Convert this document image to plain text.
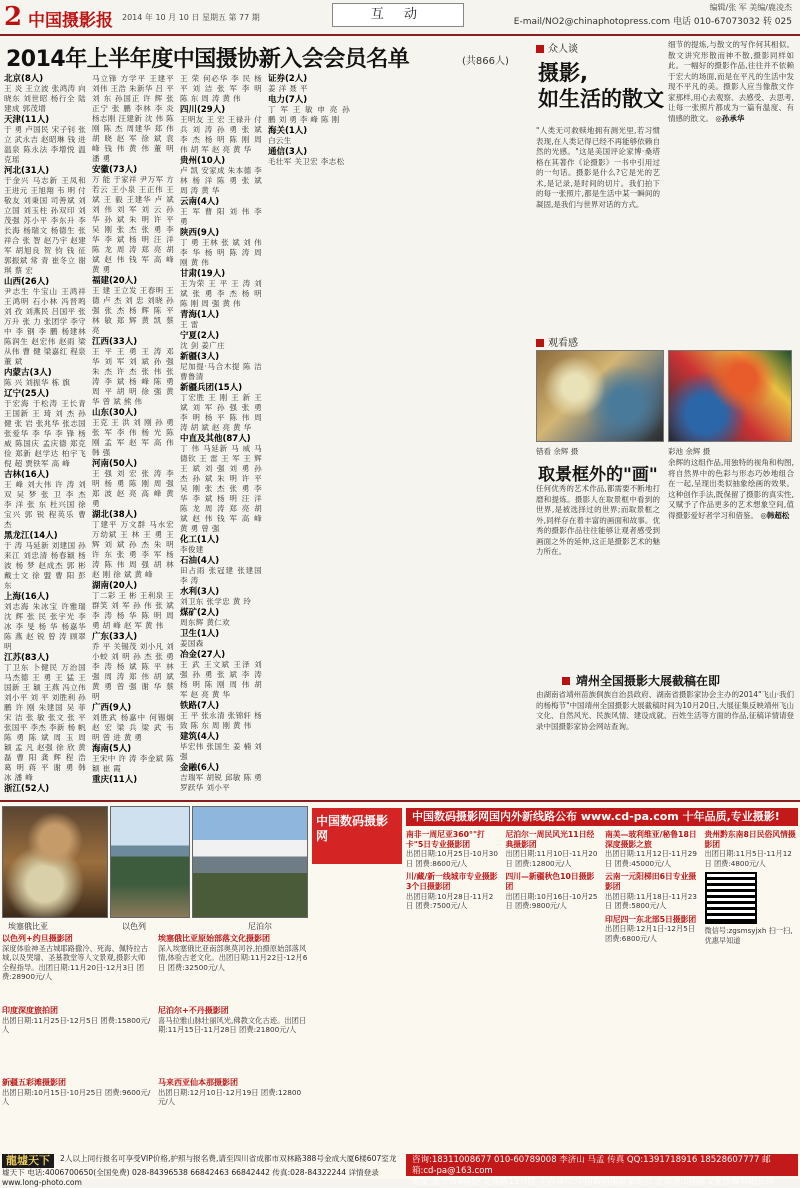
2 中国摄影报 2014 年 10 月 10 日 星期五 第 77 期	互 动	编辑/张 军 美编/鹿凌杰
E-mail/NO2@chinaphotopress.com 电话 010-67073032 转 025
2014年上半年度中国摄协新入会会员名单	(共866人)
北京(8人)
王 炎 王立波 张鸿涛 向晓东 刘世昭 杨行全 陆建成 郭茂增
天津(11人)
于 勇 卢国民 宋子钊 张 立 武永吉 赵昭琳 钱 进 温泉 陈永法 李增悦 温克瑶
河北(31人)
于金兴 马志新 王凤和 王进元 王旭翔 韦 明 付敬友 刘秉国 司善斌 刘立国 刘玉柱 孙双印 刘茂强 苏小平 李东升 李长海 杨瑞文 杨德生 张祥合 张 智 赵乃宇 赵建军 胡旭良 贺 钧 钱 征 郭振斌 常 青 崔冬立 谢 琪 蔡 宏
山西(26人)
尹志生 牛宝山 王鸿祥 王鸿明 石小林 冯晋鸣 刘 孜 刘燕民 吕国平 张万升 张 力 张团学 李守中 李 钢 李 鹏 杨建林 陈润生 赵宏伟 赵雨 梁从伟 曹 健 梁嘉红 程泉 董 斌
内蒙古(3人)
陈 兴 刘振华 栋 旗
辽宁(25人)
于宏海 于松涛 王长青 王国新 王 琦 刘 杰 孙 健 张 岩 张兆华 张志国 张爱华 李 华 李 锋 杨 威 陈国庆 孟庆德 郑克俭 郑新 赵学达 柏宇飞 倪 超 贾铁军 高 峰
吉林(16人)
王 峰 刘大伟 许 涛 刘 双 吴 梦 张 卫 李 杰 李 洋 张 东 杜兴国 徐宝兴 郭 锐 程英乐 曹 杰
黑龙江(14人)
于 涛 马延新 刘建国 孙来江 刘忠清 杨春颖 杨 波 杨 梦 赵成杰 郭 彬 戴士文 徐 盟 曹 阳 彭东
上海(16人)
刘志海 朱冰宝 许雅瑞 沈 辉 张 民 张宇光 李 冰 李 旻 杨 华 杨嘉华 陈 燕 赵 锐 曾 涛 顾翠明
江苏(83人)
丁卫东 卜健民 万治国 马杰德 王 勇 王 猛 王国新 王 颖 王燕 冯立伟 刘小平 刘 平 刘胜利 孙 鹏 许 刚 朱建国 吴 菲 宋 洁 张 敏 张文 张 平 张国平 李杰 李新 杨 帆 陈 勇 陈 斌 周 玉 周 颖 孟 凡 赵强 徐 欣 黄 磊 曹 阳 龚 辉 程 浩 葛 明 蒋 平 谢 勇 韩 冰 潘 峰
浙江(52人)
马立锋 方学平 王建平 刘伟 王浩 朱新华 吕 平 刘 东 孙国正 许 辉 张正宁 张 鹏 李林 李 炎 杨志刚 汪建新 沈 伟 陈 刚 陈 杰 周建华 郑 伟 胡 晓 赵 军 徐 斌 袁 峰 钱 伟 黄 伟 董 明 潘 勇
安徽(73人)
万 能 于家祥 尹万军 方若云 王小泉 王正伟 王 斌 王 毅 王建华 卢 斌 刘 伟 刘 军 刘 云 孙 华 孙 斌 朱 明 许 平 吴 刚 张 杰 张 勇 李 华 李 斌 杨 明 汪 洋 陈 龙 周 涛 郑 亮 胡 斌 赵 伟 钱 军 高 峰 黄 勇
福建(20人)
王 建 王立发 王春明 王 德 卢 杰 刘 忠 刘晓 孙 强 张 杰 杨 辉 陈 平 林 敏 郑 辉 黄 凯 蔡 亮
江西(33人)
王 平 王 勇 王 涛 邓 华 刘 军 刘 斌 孙 强 朱 杰 许 杰 张 伟 张 涛 李 斌 杨 峰 陈 勇 周 平 胡 明 徐 强 黄 华 曾 斌 熊 伟
山东(30人)
王克 王 洪 刘 刚 孙 勇 张 军 李 伟 杨 光 陈 刚 孟 军 赵 军 高 伟 韩 强
河南(50人)
王 强 刘 宏 张 涛 李 明 杨 勇 陈 刚 周 强 郑 波 赵 亮 高 峰 黄 勇
湖北(38人)
丁建平 万文群 马水宏 万幼斌 王 林 王 勇 王 辉 刘 斌 孙 杰 朱 明 许 东 张 勇 李 军 杨 涛 陈 伟 周 强 胡 林 赵 刚 徐 斌 黄 峰
湖南(20人)
丁二彩 王 彬 王利泉 王群笑 刘 军 孙 伟 张 斌 李 涛 杨 华 陈 明 周 勇 胡 峰 赵 军 黄 伟
广东(33人)
乔 平 关锡茂 刘小凡 刘小蛟 刘 明 孙 杰 张 勇 李 涛 杨 斌 陈 平 林 强 周 涛 郑 伟 胡 斌 黄 勇 曾 强 谢 华 蔡 明
广西(9人)
刘胜武 杨嘉中 何锡炯 赵 宏 梁 兵 梁 武 韦 明 曾 进 黄 勇
海南(5人)
王宋中 许 涛 李金斌 陈 颖 崔 霞
重庆(11人)
王 荣 何必华 李 民 杨 平 刘 洁 张 军 李 明 陈 东 周 涛 黄 伟
四川(29人)
王明友 王 宏 王禄升 付 兵 刘 涛 孙 勇 张 斌 李 杰 杨 明 陈 刚 周 伟 胡 军 赵 亮 黄 华
贵州(10人)
卢 凯 安家成 朱本德 李 林 杨 洋 陈 勇 张 斌 周 涛 黄 华
云南(4人)
王 军 曹 阳 刘 伟 李 勇
陕西(9人)
丁 勇 王林 张 斌 刘 伟 李 华 杨 明 陈 涛 周 刚 黄 伟
甘肃(19人)
王为荣 王 平 王 涛 刘 斌 张 勇 李 杰 杨 明 陈 刚 周 强 黄 伟
青海(1人)
王 雷
宁夏(2人)
沈 剑 姜广庄
新疆(3人)
尼加提·马合木提 陈 洁 曹鲁清
新疆兵团(15人)
丁宏胜 王 刚 王 新 王 斌 刘 军 孙 强 张 勇 李 明 杨 平 陈 伟 周 涛 胡 斌 赵 亮 黄 华
中直及其他(87人)
丁 伟 马延新 马 威 马德钦 王 雷 王 军 王 辉 王 斌 刘 强 刘 勇 孙 杰 孙 斌 朱 明 许 平 吴 刚 张 杰 张 勇 李 华 李 斌 杨 明 汪 洋 陈 龙 周 涛 郑 亮 胡 斌 赵 伟 钱 军 高 峰 黄 勇 曾 强
化工(1人)
李俊建
石油(4人)
田占雨 张冠建 张建国 李 涛
水利(3人)
刘卫东 张学忠 黄 玲
煤矿(2人)
周东辉 黄仁欢
卫生(1人)
姜国森
冶金(27人)
王 武 王文斌 王泽 刘 强 孙 勇 张 斌 李 涛 杨 明 陈 刚 周 伟 胡 军 赵 亮 黄 华
铁路(7人)
王 平 张永清 张锦轩 杨 致 陈 东 周 刚 黄 伟
建筑(4人)
毕宏伟 张国生 姜 楠 刘 强
金融(6人)
吉瑞军 胡锐 邱敏 陈 勇 罗跃华 刘小平
证券(2人)
姜 洋 聂 平
电力(7人)
丁 军 王 敏 申 亮 孙 鹏 刘 勇 李 峰 陈 刚
海关(1人)
白云生
通信(3人)
毛壮军 关卫宏 李志松
众人谈
摄影,
如生活的散文
"人类无可救赎地拥有测光里,若习惯表现,在人类记得已经不再能够依赖自然的光感。"这是美国评论家博·桑塔格在其著作《论摄影》一书中引用过的一句话。摄影是什么?它是光的艺术,是记录,是时间的切片。我们拍下的每一张照片,都是生活中某一瞬间的凝固,是我们与世界对话的方式。
细节的提炼,与散文的写作何其相似。散文讲究形散而神不散,摄影同样如此。一幅好的摄影作品,往往并不依赖于宏大的场面,而是在平凡的生活中发现不平凡的美。摄影人应当像散文作家那样,用心去观察、去感受、去思考,让每一张照片都成为一篇有温度、有情感的散文。 ◎孙承华
观看感
错看 余辉 摄	彩池 余辉 摄
取景框外的"画"
任何优秀的艺术作品,都需要不断地打磨和提炼。摄影人在取景框中看到的世界,是被选择过的世界;而取景框之外,同样存在着丰富的画面和故事。优秀的摄影作品往往能够让观者感受到画面之外的延伸,这正是摄影艺术的魅力所在。
余辉的这组作品,用独特的视角和构图,将自然界中的色彩与形态巧妙地组合在一起,呈现出类似抽象绘画的效果。这种创作手法,既保留了摄影的真实性,又赋予了作品更多的艺术想象空间,值得摄影爱好者学习和借鉴。 ◎韩超松
靖州全国摄影大展截稿在即
由湖南省靖州苗族侗族自治县政府、湖南省摄影家协会主办的2014"飞山·我们的杨梅节"中国靖州全国摄影大展截稿时间为10月20日,大展征集反映靖州飞山文化、自然风光、民族风情、建设成就、百姓生活等方面的作品,征稿详情请登录中国摄影家协会网站查询。
埃塞俄比亚	以色列	尼泊尔
以色列+约旦摄影团
深度体验神圣古城耶路撒冷、死海、佩特拉古城,以及哭墙、圣墓教堂等人文景观,摄影大师全程指导。出团日期:11月20日-12月3日 团费:28900元/人
埃塞俄比亚原始部落文化摄影团
深入埃塞俄比亚南部奥莫河谷,拍摄原始部落风情,体验古老文化。出团日期:11月22日-12月6日 团费:32500元/人
印度深度旅拍团
出团日期:11月25日-12月5日 团费:15800元/人
尼泊尔+不丹摄影团
喜马拉雅山脉壮丽风光,佛教文化古迹。出团日期:11月15日-11月28日 团费:21800元/人
新疆五彩滩摄影团
出团日期:10月15日-10月25日 团费:9600元/人
马来西亚仙本那摄影团
出团日期:12月10日-12月19日 团费:12800元/人
中国数码摄影网
中国数码摄影网国内外新线路公布 www.cd-pa.com 十年品质,专业摄影!
南非一周尼亚360°"打卡"5日专业摄影团
出团日期:10月25日-10月30日 团费:8600元/人
川/藏/新一线城市专业摄影3个日摄影团
出团日期:10月28日-11月2日 团费:7500元/人
尼泊尔一周民风光11日经典摄影团
出团日期:11月10日-11月20日 团费:12800元/人
四川—新疆秋色10日摄影团
出团日期:10月16日-10月25日 团费:9800元/人
南美—玻利维亚/秘鲁18日深度摄影之旅
出团日期:11月12日-11月29日 团费:45000元/人
云南一元阳梯田6日专业摄影团
出团日期:11月18日-11月23日 团费:5800元/人
印尼四一东北部5日摄影团
出团日期:12月1日-12月5日 团费:6800元/人
贵州黔东南8日民俗风情摄影团
出团日期:11月5日-11月12日 团费:4800元/人
微信号:zgsmsyjxh 扫一扫,优惠早知道
龍墟天下 2人以上同行报名可享受VIP价格,护照与报名费,请至四川省成都市双林路388号金成大厦6楼607室龙墟天下 电话:4006700650(全国免费) 028-84396538 66842463 66842442 传真:028-84322244 详情登录 www.long-photo.com
咨询:18311008677 010-60789008 李济山 马孟 传真 QQ:1391718916 18528607777 邮箱:cd-pa@163.com
地址:北京市朝阳区北苑路13号院 主办单位:中国数码摄影家协会 北京济山国际文化传媒有限公司
